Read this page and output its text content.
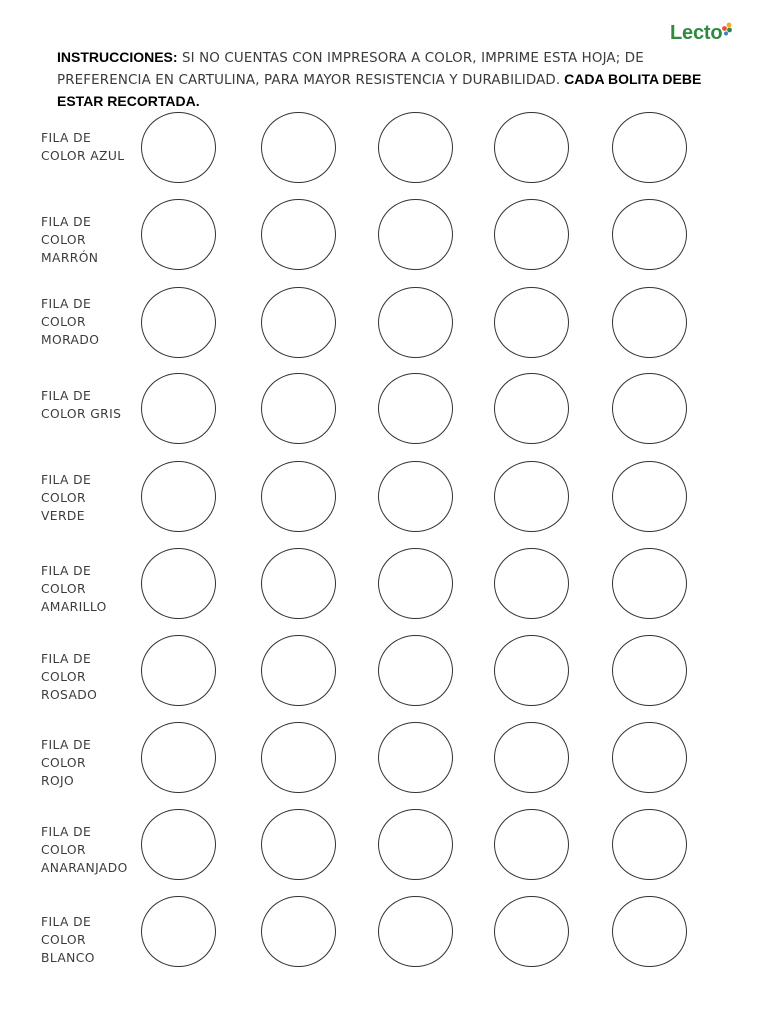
Lecto
INSTRUCCIONES: SI NO CUENTAS CON IMPRESORA A COLOR, IMPRIME ESTA HOJA; DE PREFERENCIA EN CARTULINA, PARA MAYOR RESISTENCIA Y DURABILIDAD. CADA BOLITA DEBE ESTAR RECORTADA.
FILA DE
COLOR AZUL
FILA DE
COLOR
MARRÓN
FILA DE
COLOR
MORADO
FILA DE
COLOR GRIS
FILA DE
COLOR
VERDE
FILA DE
COLOR
AMARILLO
FILA DE
COLOR
ROSADO
FILA DE
COLOR
ROJO
FILA DE
COLOR
ANARANJADO
FILA DE
COLOR
BLANCO
